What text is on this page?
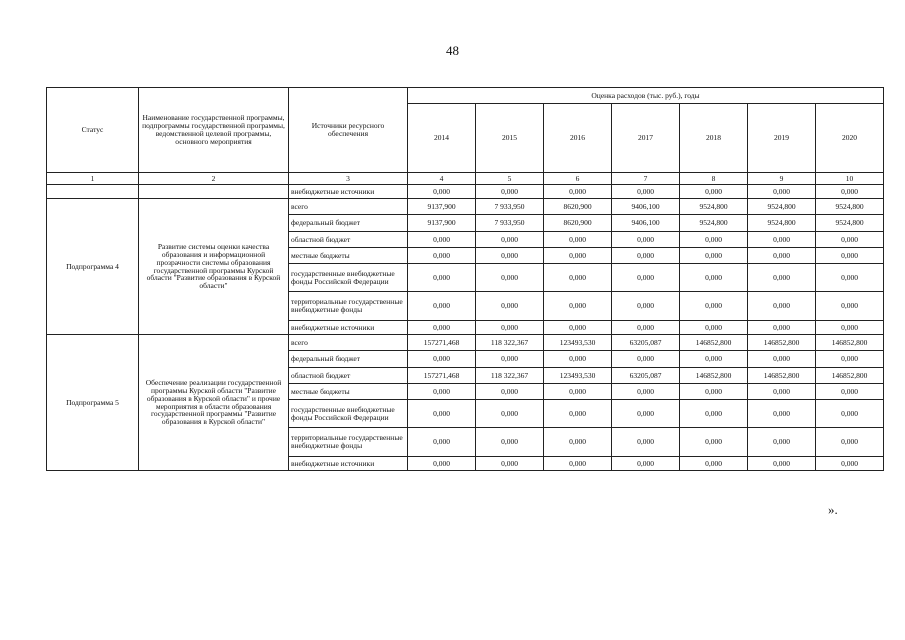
48
Статус	Наименование государственной программы, подпрограммы государственной программы, ведомственной целевой программы, основного мероприятия	Источники ресурсного обеспечения	Оценка расходов (тыс. руб.), годы						
			2014	2015	2016	2017	2018	2019	2020
1	2	3	4	5	6	7	8	9	10
		внебюджетные источники	0,000	0,000	0,000	0,000	0,000	0,000	0,000
Подпрограмма 4	Развитие системы оценки качества образования и информационной прозрачности системы образования государственной программы Курской области "Развитие образования в Курской области"	всего	9137,900	7 933,950	8620,900	9406,100	9524,800	9524,800	9524,800
		федеральный бюджет	9137,900	7 933,950	8620,900	9406,100	9524,800	9524,800	9524,800
		областной бюджет	0,000	0,000	0,000	0,000	0,000	0,000	0,000
		местные бюджеты	0,000	0,000	0,000	0,000	0,000	0,000	0,000
		государственные внебюджетные фонды Российской Федерации	0,000	0,000	0,000	0,000	0,000	0,000	0,000
		территориальные государственные внебюджетные фонды	0,000	0,000	0,000	0,000	0,000	0,000	0,000
		внебюджетные источники	0,000	0,000	0,000	0,000	0,000	0,000	0,000
Подпрограмма 5	Обеспечение реализации государственной программы Курской области "Развитие образования в Курской области" и прочие мероприятия в области образования государственной программы "Развитие образования в Курской области"	всего	157271,468	118 322,367	123493,530	63205,087	146852,800	146852,800	146852,800
		федеральный бюджет	0,000	0,000	0,000	0,000	0,000	0,000	0,000
		областной бюджет	157271,468	118 322,367	123493,530	63205,087	146852,800	146852,800	146852,800
		местные бюджеты	0,000	0,000	0,000	0,000	0,000	0,000	0,000
		государственные внебюджетные фонды Российской Федерации	0,000	0,000	0,000	0,000	0,000	0,000	0,000
		территориальные государственные внебюджетные фонды	0,000	0,000	0,000	0,000	0,000	0,000	0,000
		внебюджетные источники	0,000	0,000	0,000	0,000	0,000	0,000	0,000
».
